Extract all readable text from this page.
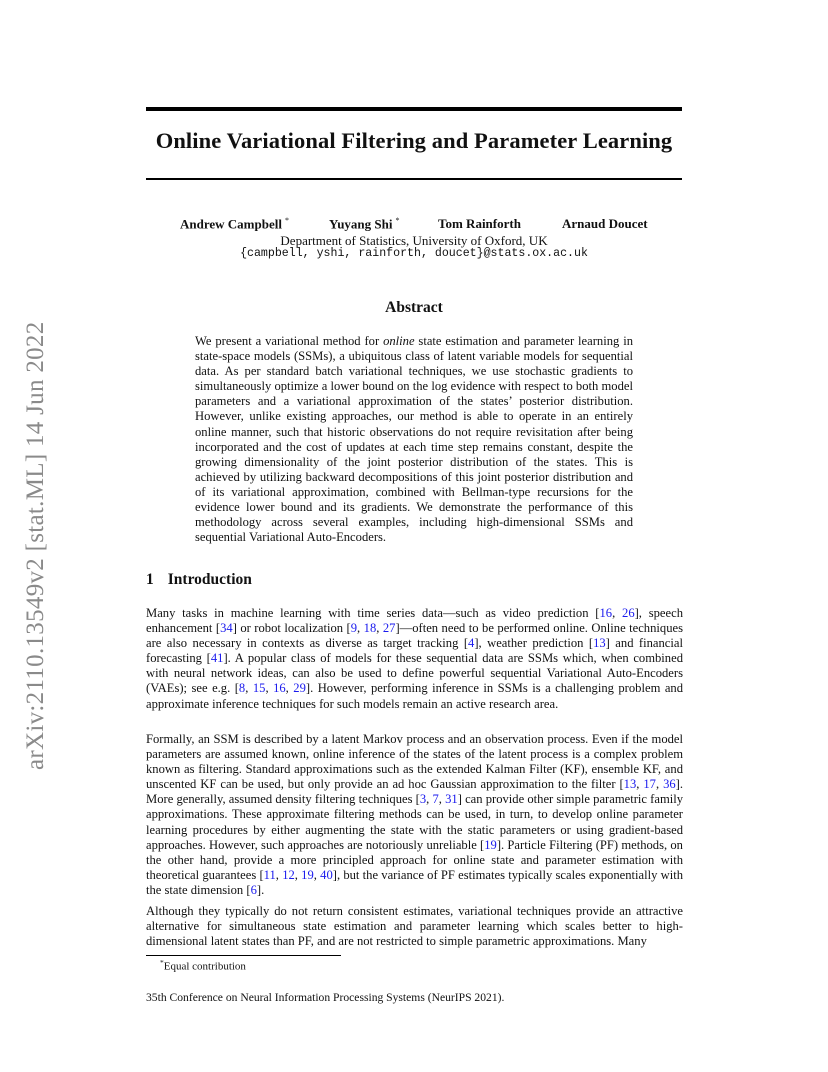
arXiv:2110.13549v2 [stat.ML] 14 Jun 2022
Online Variational Filtering and Parameter Learning
Andrew Campbell *	Yuyang Shi *	Tom Rainforth	Arnaud Doucet
Department of Statistics, University of Oxford, UK
{campbell, yshi, rainforth, doucet}@stats.ox.ac.uk
Abstract
We present a variational method for online state estimation and parameter learning in state-space models (SSMs), a ubiquitous class of latent variable models for sequential data. As per standard batch variational techniques, we use stochastic gradients to simultaneously optimize a lower bound on the log evidence with respect to both model parameters and a variational approximation of the states’ posterior distribution. However, unlike existing approaches, our method is able to operate in an entirely online manner, such that historic observations do not require revisitation after being incorporated and the cost of updates at each time step remains constant, despite the growing dimensionality of the joint posterior distribution of the states. This is achieved by utilizing backward decompositions of this joint posterior distribution and of its variational approximation, combined with Bellman-type recursions for the evidence lower bound and its gradients. We demonstrate the performance of this methodology across several examples, including high-dimensional SSMs and sequential Variational Auto-Encoders.
1 Introduction
Many tasks in machine learning with time series data—such as video prediction [16, 26], speech enhancement [34] or robot localization [9, 18, 27]—often need to be performed online. Online techniques are also necessary in contexts as diverse as target tracking [4], weather prediction [13] and financial forecasting [41]. A popular class of models for these sequential data are SSMs which, when combined with neural network ideas, can also be used to define powerful sequential Variational Auto-Encoders (VAEs); see e.g. [8, 15, 16, 29]. However, performing inference in SSMs is a challenging problem and approximate inference techniques for such models remain an active research area.
Formally, an SSM is described by a latent Markov process and an observation process. Even if the model parameters are assumed known, online inference of the states of the latent process is a complex problem known as filtering. Standard approximations such as the extended Kalman Filter (KF), ensemble KF, and unscented KF can be used, but only provide an ad hoc Gaussian approximation to the filter [13, 17, 36]. More generally, assumed density filtering techniques [3, 7, 31] can provide other simple parametric family approximations. These approximate filtering methods can be used, in turn, to develop online parameter learning procedures by either augmenting the state with the static parameters or using gradient-based approaches. However, such approaches are notoriously unreliable [19]. Particle Filtering (PF) methods, on the other hand, provide a more principled approach for online state and parameter estimation with theoretical guarantees [11, 12, 19, 40], but the variance of PF estimates typically scales exponentially with the state dimension [6].
Although they typically do not return consistent estimates, variational techniques provide an attractive alternative for simultaneous state estimation and parameter learning which scales better to high-dimensional latent states than PF, and are not restricted to simple parametric approximations. Many
*Equal contribution
35th Conference on Neural Information Processing Systems (NeurIPS 2021).
